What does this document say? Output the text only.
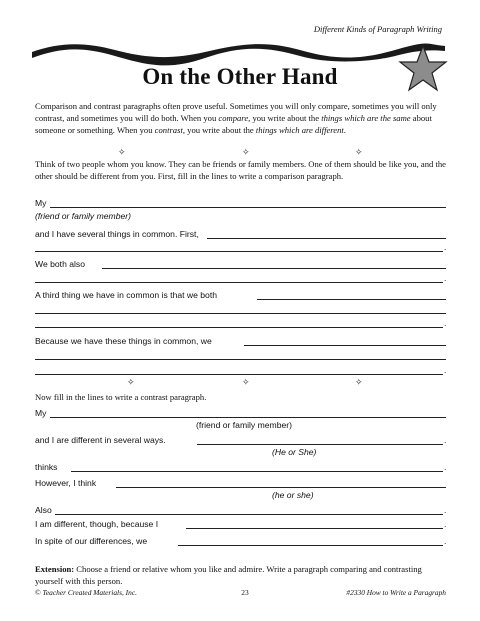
Different Kinds of Paragraph Writing
On the Other Hand
Comparison and contrast paragraphs often prove useful. Sometimes you will only compare, sometimes you will only contrast, and sometimes you will do both. When you compare, you write about the things which are the same about someone or something. When you contrast, you write about the things which are different.
✧	✧	✧
Think of two people whom you know. They can be friends or family members. One of them should be like you, and the other should be different from you. First, fill in the lines to write a comparison paragraph.
My
(friend or family member)
and I have several things in common. First,
.
We both also
.
A third thing we have in common is that we both
.
Because we have these things in common, we
.
✧	✧	✧
Now fill in the lines to write a contrast paragraph.
My
(friend or family member)
and I are different in several ways.	.
(He or She)
thinks	.
However, I think
(he or she)
Also	.
I am different, though, because I	.
In spite of our differences, we	.
Extension: Choose a friend or relative whom you like and admire. Write a paragraph comparing and contrasting yourself with this person.
© Teacher Created Materials, Inc.	23	#2330 How to Write a Paragraph
